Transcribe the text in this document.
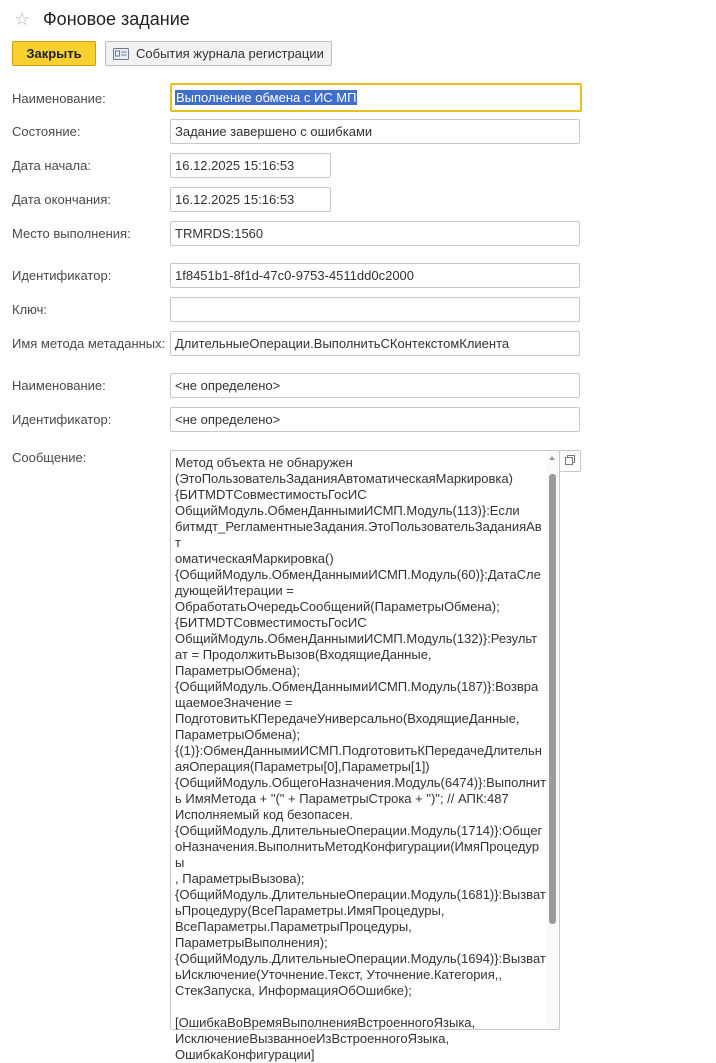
☆ Фоновое задание
Закрыть	События журнала регистрации
Наименование:	Выполнение обмена с ИС МП
Состояние:	Задание завершено с ошибками
Дата начала:	16.12.2025 15:16:53
Дата окончания:	16.12.2025 15:16:53
Место выполнения:	TRMRDS:1560
Идентификатор:	1f8451b1-8f1d-47c0-9753-4511dd0c2000
Ключ:
Имя метода метаданных: ДлительныеОперации.ВыполнитьСКонтекстомКлиента
Наименование:	<не определено>
Идентификатор:	<не определено>
Сообщение:	Метод объекта не обнаружен
(ЭтоПользовательЗаданияАвтоматическаяМаркировка)
{БИТМDTСовместимостьГосИС
ОбщийМодуль.ОбменДаннымиИСМП.Модуль(113)}:Если
битмдт_РегламентныеЗадания.ЭтоПользовательЗаданияАвт
оматическаяМаркировка()
{ОбщийМодуль.ОбменДаннымиИСМП.Модуль(60)}:ДатаСле
дующейИтерации =
ОбработатьОчередьСообщений(ПараметрыОбмена);
{БИТМDTСовместимостьГосИС
ОбщийМодуль.ОбменДаннымиИСМП.Модуль(132)}:Результ
ат = ПродолжитьВызов(ВходящиеДанные,
ПараметрыОбмена);
{ОбщийМодуль.ОбменДаннымиИСМП.Модуль(187)}:Возвра
щаемоеЗначение =
ПодготовитьКПередачеУниверсально(ВходящиеДанные,
ПараметрыОбмена);
{(1)}:ОбменДаннымиИСМП.ПодготовитьКПередачеДлительн
аяОперация(Параметры[0],Параметры[1])
{ОбщийМодуль.ОбщегоНазначения.Модуль(6474)}:Выполнит
ь ИмяМетода + "(" + ПараметрыСтрока + ")"; // АПК:487
Исполняемый код безопасен.
{ОбщийМодуль.ДлительныеОперации.Модуль(1714)}:Общег
оНазначения.ВыполнитьМетодКонфигурации(ИмяПроцедуры
, ПараметрыВызова);
{ОбщийМодуль.ДлительныеОперации.Модуль(1681)}:Вызват
ьПроцедуру(ВсеПараметры.ИмяПроцедуры,
ВсеПараметры.ПараметрыПроцедуры,
ПараметрыВыполнения);
{ОбщийМодуль.ДлительныеОперации.Модуль(1694)}:Вызват
ьИсключение(Уточнение.Текст, Уточнение.Категория,,
СтекЗапуска, ИнформацияОбОшибке);

[ОшибкаВоВремяВыполненияВстроенногоЯзыка,
ИсключениеВызванноеИзВстроенногоЯзыка,
ОшибкаКонфигурации]
